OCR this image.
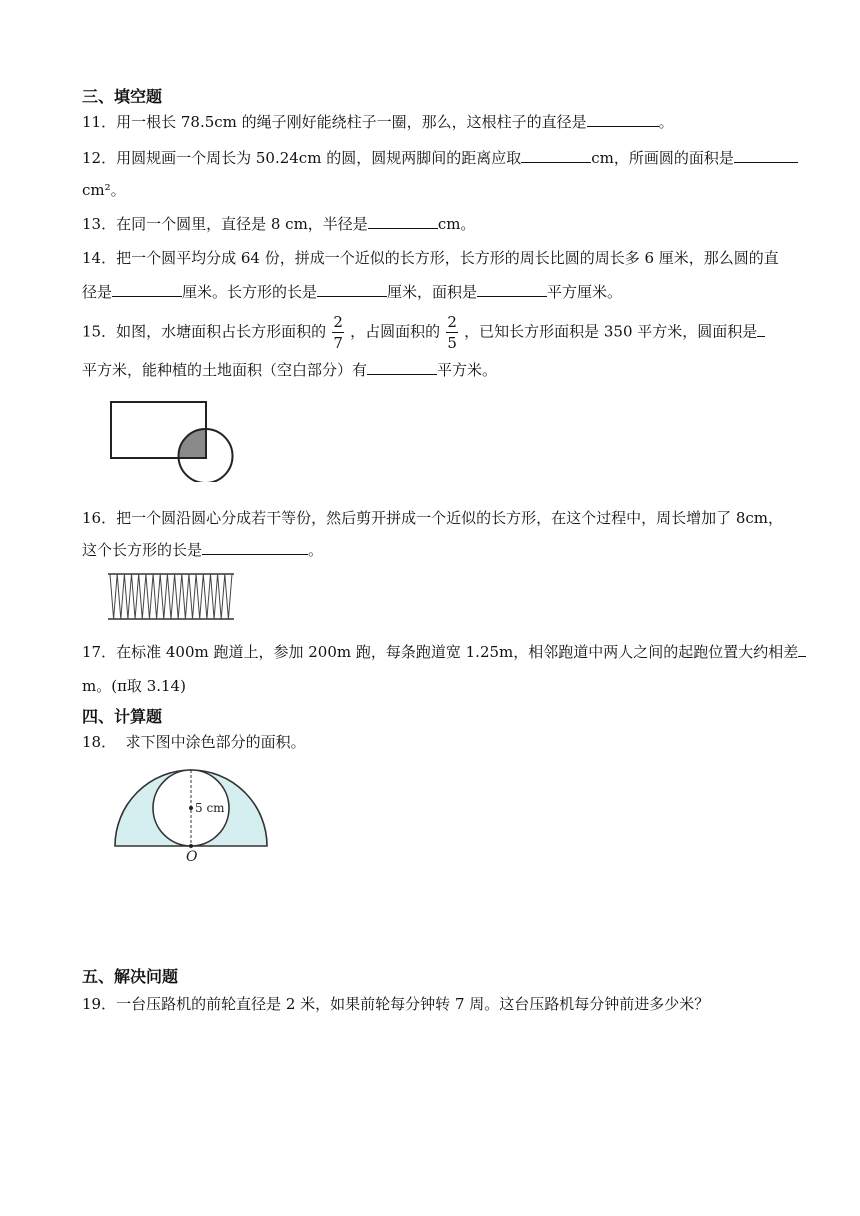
三、填空题
11．用一根长 78.5cm 的绳子刚好能绕柱子一圈，那么，这根柱子的直径是	。
12．用圆规画一个周长为 50.24cm 的圆，圆规两脚间的距离应取	cm，所画圆的面积是
cm²。
13．在同一个圆里，直径是 8 cm，半径是	cm。
14．把一个圆平均分成 64 份，拼成一个近似的长方形，长方形的周长比圆的周长多 6 厘米，那么圆的直
径是	厘米。长方形的长是	厘米，面积是	平方厘米。
15．如图，水塘面积占长方形面积的 $\frac{2}{7}$ ，占圆面积的 $\frac{2}{5}$ ，已知长方形面积是 350 平方米，圆面积是
平方米，能种植的土地面积（空白部分）有	平方米。
16．把一个圆沿圆心分成若干等份，然后剪开拼成一个近似的长方形，在这个过程中，周长增加了 8cm，
这个长方形的长是	。
17．在标准 400m 跑道上，参加 200m 跑，每条跑道宽 1.25m，相邻跑道中两人之间的起跑位置大约相差
m。(π取 3.14)
四、计算题
18．  求下图中涂色部分的面积。
5 cm
O
五、解决问题
19．一台压路机的前轮直径是 2 米，如果前轮每分钟转 7 周。这台压路机每分钟前进多少米？
